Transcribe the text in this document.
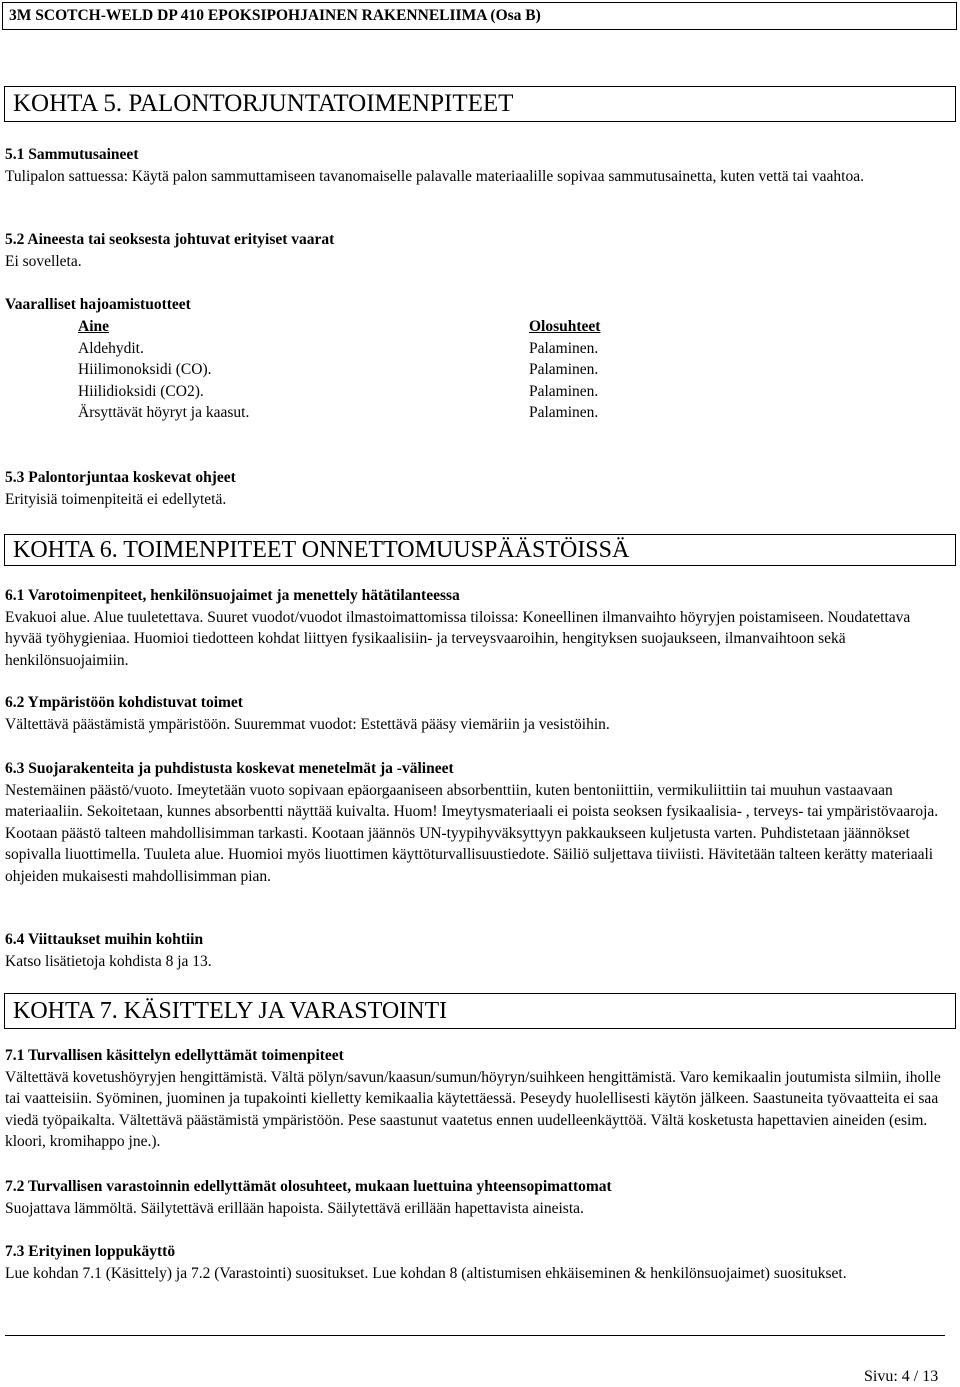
3M SCOTCH-WELD DP 410 EPOKSIPOHJAINEN RAKENNELIIMA (Osa B)
KOHTA 5. PALONTORJUNTATOIMENPITEET

5.1 Sammutusaineet

Tulipalon sattuessa: Käytä palon sammuttamiseen tavanomaiselle palavalle materiaalille sopivaa sammutusainetta, kuten vettä tai vaahtoa.

5.2 Aineesta tai seoksesta johtuvat erityiset vaarat

Ei sovelleta.

Vaaralliset hajoamistuotteet

Aine
Aldehydit.
Hiilimonoksidi (CO).
Hiilidioksidi (CO2).
Ärsyttävät höyryt ja kaasut.
Olosuhteet
Palaminen.
Palaminen.
Palaminen.
Palaminen.

5.3 Palontorjuntaa koskevat ohjeet

Erityisiä toimenpiteitä ei edellytetä.

KOHTA 6. TOIMENPITEET ONNETTOMUUSPÄÄSTÖISSÄ

6.1 Varotoimenpiteet, henkilönsuojaimet ja menettely hätätilanteessa

Evakuoi alue. Alue tuuletettava. Suuret vuodot/vuodot ilmastoimattomissa tiloissa: Koneellinen ilmanvaihto höyryjen poistamiseen. Noudatettava hyvää työhygieniaa. Huomioi tiedotteen kohdat liittyen fysikaalisiin- ja terveysvaaroihin, hengityksen suojaukseen, ilmanvaihtoon sekä henkilönsuojaimiin.

6.2 Ympäristöön kohdistuvat toimet

Vältettävä päästämistä ympäristöön. Suuremmat vuodot: Estettävä pääsy viemäriin ja vesistöihin.

6.3 Suojarakenteita ja puhdistusta koskevat menetelmät ja -välineet

Nestemäinen päästö/vuoto. Imeytetään vuoto sopivaan epäorgaaniseen absorbenttiin, kuten bentoniittiin, vermikuliittiin tai muuhun vastaavaan materiaaliin. Sekoitetaan, kunnes absorbentti näyttää kuivalta. Huom! Imeytysmateriaali ei poista seoksen fysikaalisia- , terveys- tai ympäristövaaroja. Kootaan päästö talteen mahdollisimman tarkasti. Kootaan jäännös UN-tyypihyväksyttyyn pakkaukseen kuljetusta varten. Puhdistetaan jäännökset sopivalla liuottimella. Tuuleta alue. Huomioi myös liuottimen käyttöturvallisuustiedote. Säiliö suljettava tiiviisti. Hävitetään talteen kerätty materiaali ohjeiden mukaisesti mahdollisimman pian.

6.4 Viittaukset muihin kohtiin

Katso lisätietoja kohdista 8 ja 13.

KOHTA 7. KÄSITTELY JA VARASTOINTI

7.1 Turvallisen käsittelyn edellyttämät toimenpiteet

Vältettävä kovetushöyryjen hengittämistä. Vältä pölyn/savun/kaasun/sumun/höyryn/suihkeen hengittämistä. Varo kemikaalin joutumista silmiin, iholle tai vaatteisiin. Syöminen, juominen ja tupakointi kielletty kemikaalia käytettäessä. Peseydy huolellisesti käytön jälkeen. Saastuneita työvaatteita ei saa viedä työpaikalta. Vältettävä päästämistä ympäristöön. Pese saastunut vaatetus ennen uudelleenkäyttöä. Vältä kosketusta hapettavien aineiden (esim. kloori, kromihappo jne.).

7.2 Turvallisen varastoinnin edellyttämät olosuhteet, mukaan luettuina yhteensopimattomat

Suojattava lämmöltä. Säilytettävä erillään hapoista. Säilytettävä erillään hapettavista aineista.

7.3 Erityinen loppukäyttö

Lue kohdan 7.1 (Käsittely) ja 7.2 (Varastointi) suositukset. Lue kohdan 8 (altistumisen ehkäiseminen & henkilönsuojaimet) suositukset.

Sivu: 4 / 13
